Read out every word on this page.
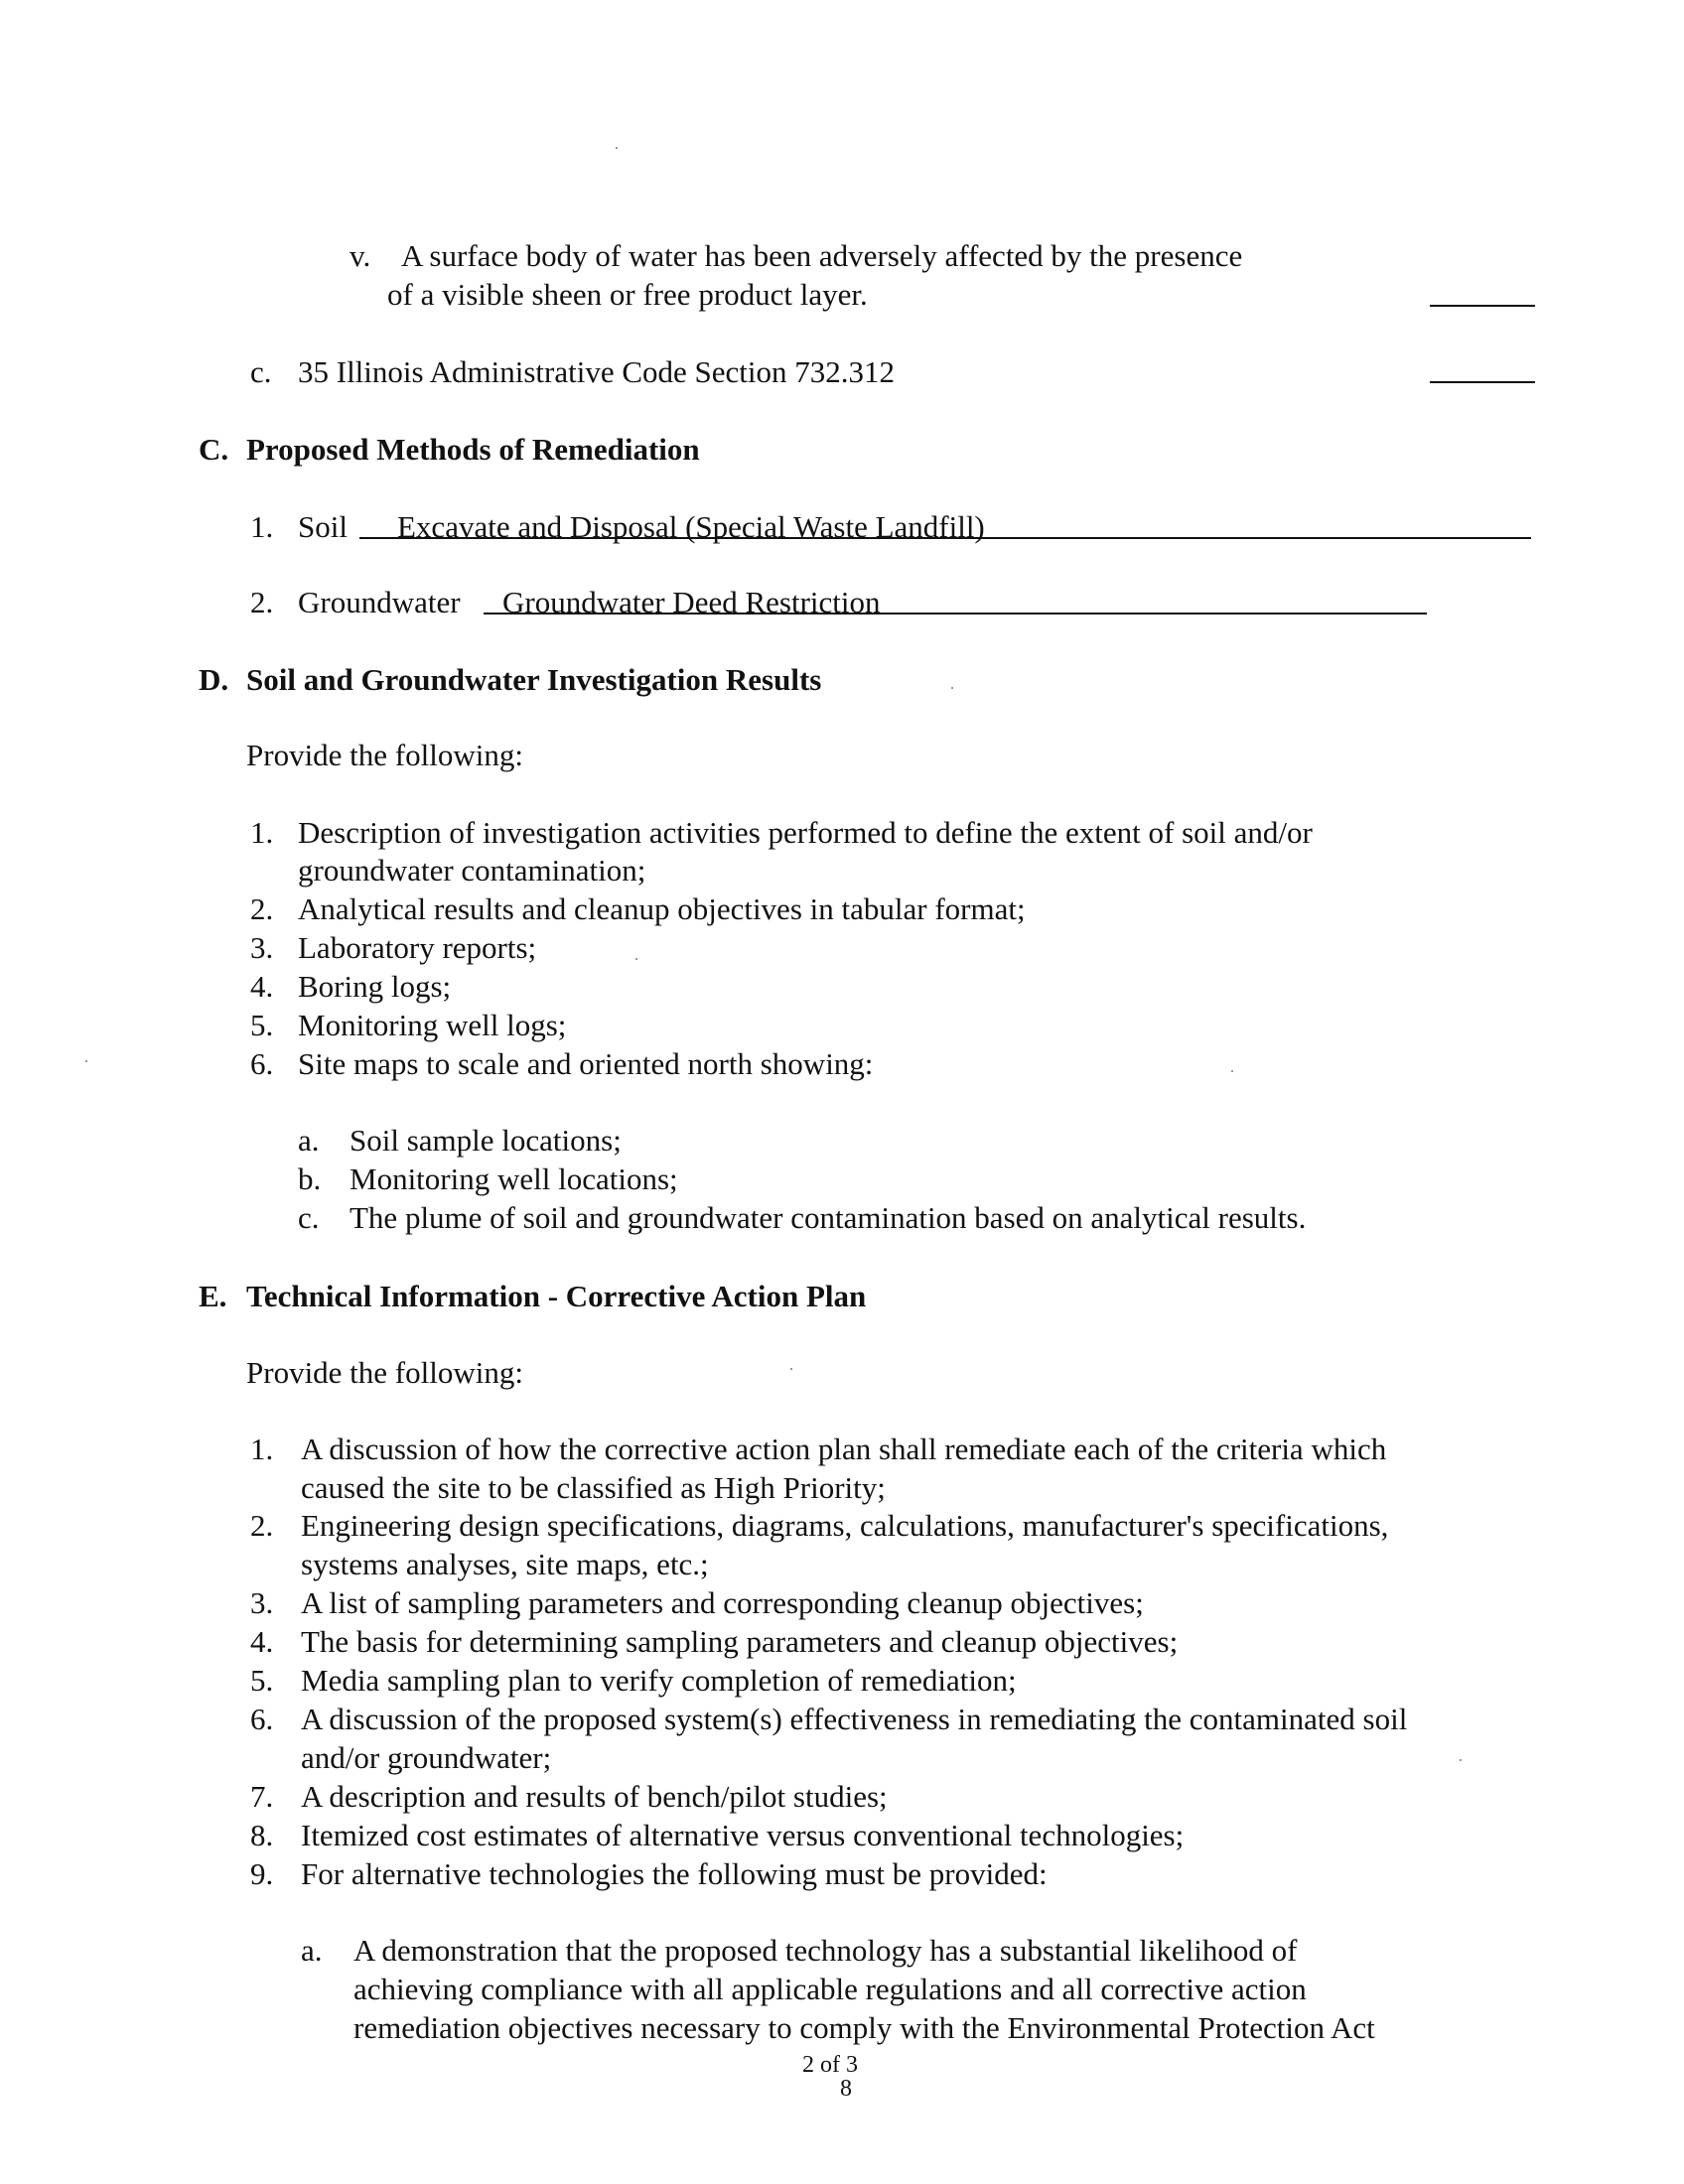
v. A surface body of water has been adversely affected by the presence
of a visible sheen or free product layer.
c. 35 Illinois Administrative Code Section 732.312
C. Proposed Methods of Remediation
1. Soil Excavate and Disposal (Special Waste Landfill)
2. Groundwater Groundwater Deed Restriction
D. Soil and Groundwater Investigation Results
Provide the following:
1. Description of investigation activities performed to define the extent of soil and/or
groundwater contamination;
2. Analytical results and cleanup objectives in tabular format;
3. Laboratory reports;
4. Boring logs;
5. Monitoring well logs;
6. Site maps to scale and oriented north showing:
a. Soil sample locations;
b. Monitoring well locations;
c. The plume of soil and groundwater contamination based on analytical results.
E. Technical Information - Corrective Action Plan
Provide the following:
1. A discussion of how the corrective action plan shall remediate each of the criteria which
caused the site to be classified as High Priority;
2. Engineering design specifications, diagrams, calculations, manufacturer's specifications,
systems analyses, site maps, etc.;
3. A list of sampling parameters and corresponding cleanup objectives;
4. The basis for determining sampling parameters and cleanup objectives;
5. Media sampling plan to verify completion of remediation;
6. A discussion of the proposed system(s) effectiveness in remediating the contaminated soil
and/or groundwater;
7. A description and results of bench/pilot studies;
8. Itemized cost estimates of alternative versus conventional technologies;
9. For alternative technologies the following must be provided:
a. A demonstration that the proposed technology has a substantial likelihood of
achieving compliance with all applicable regulations and all corrective action
remediation objectives necessary to comply with the Environmental Protection Act
2 of 3
8
